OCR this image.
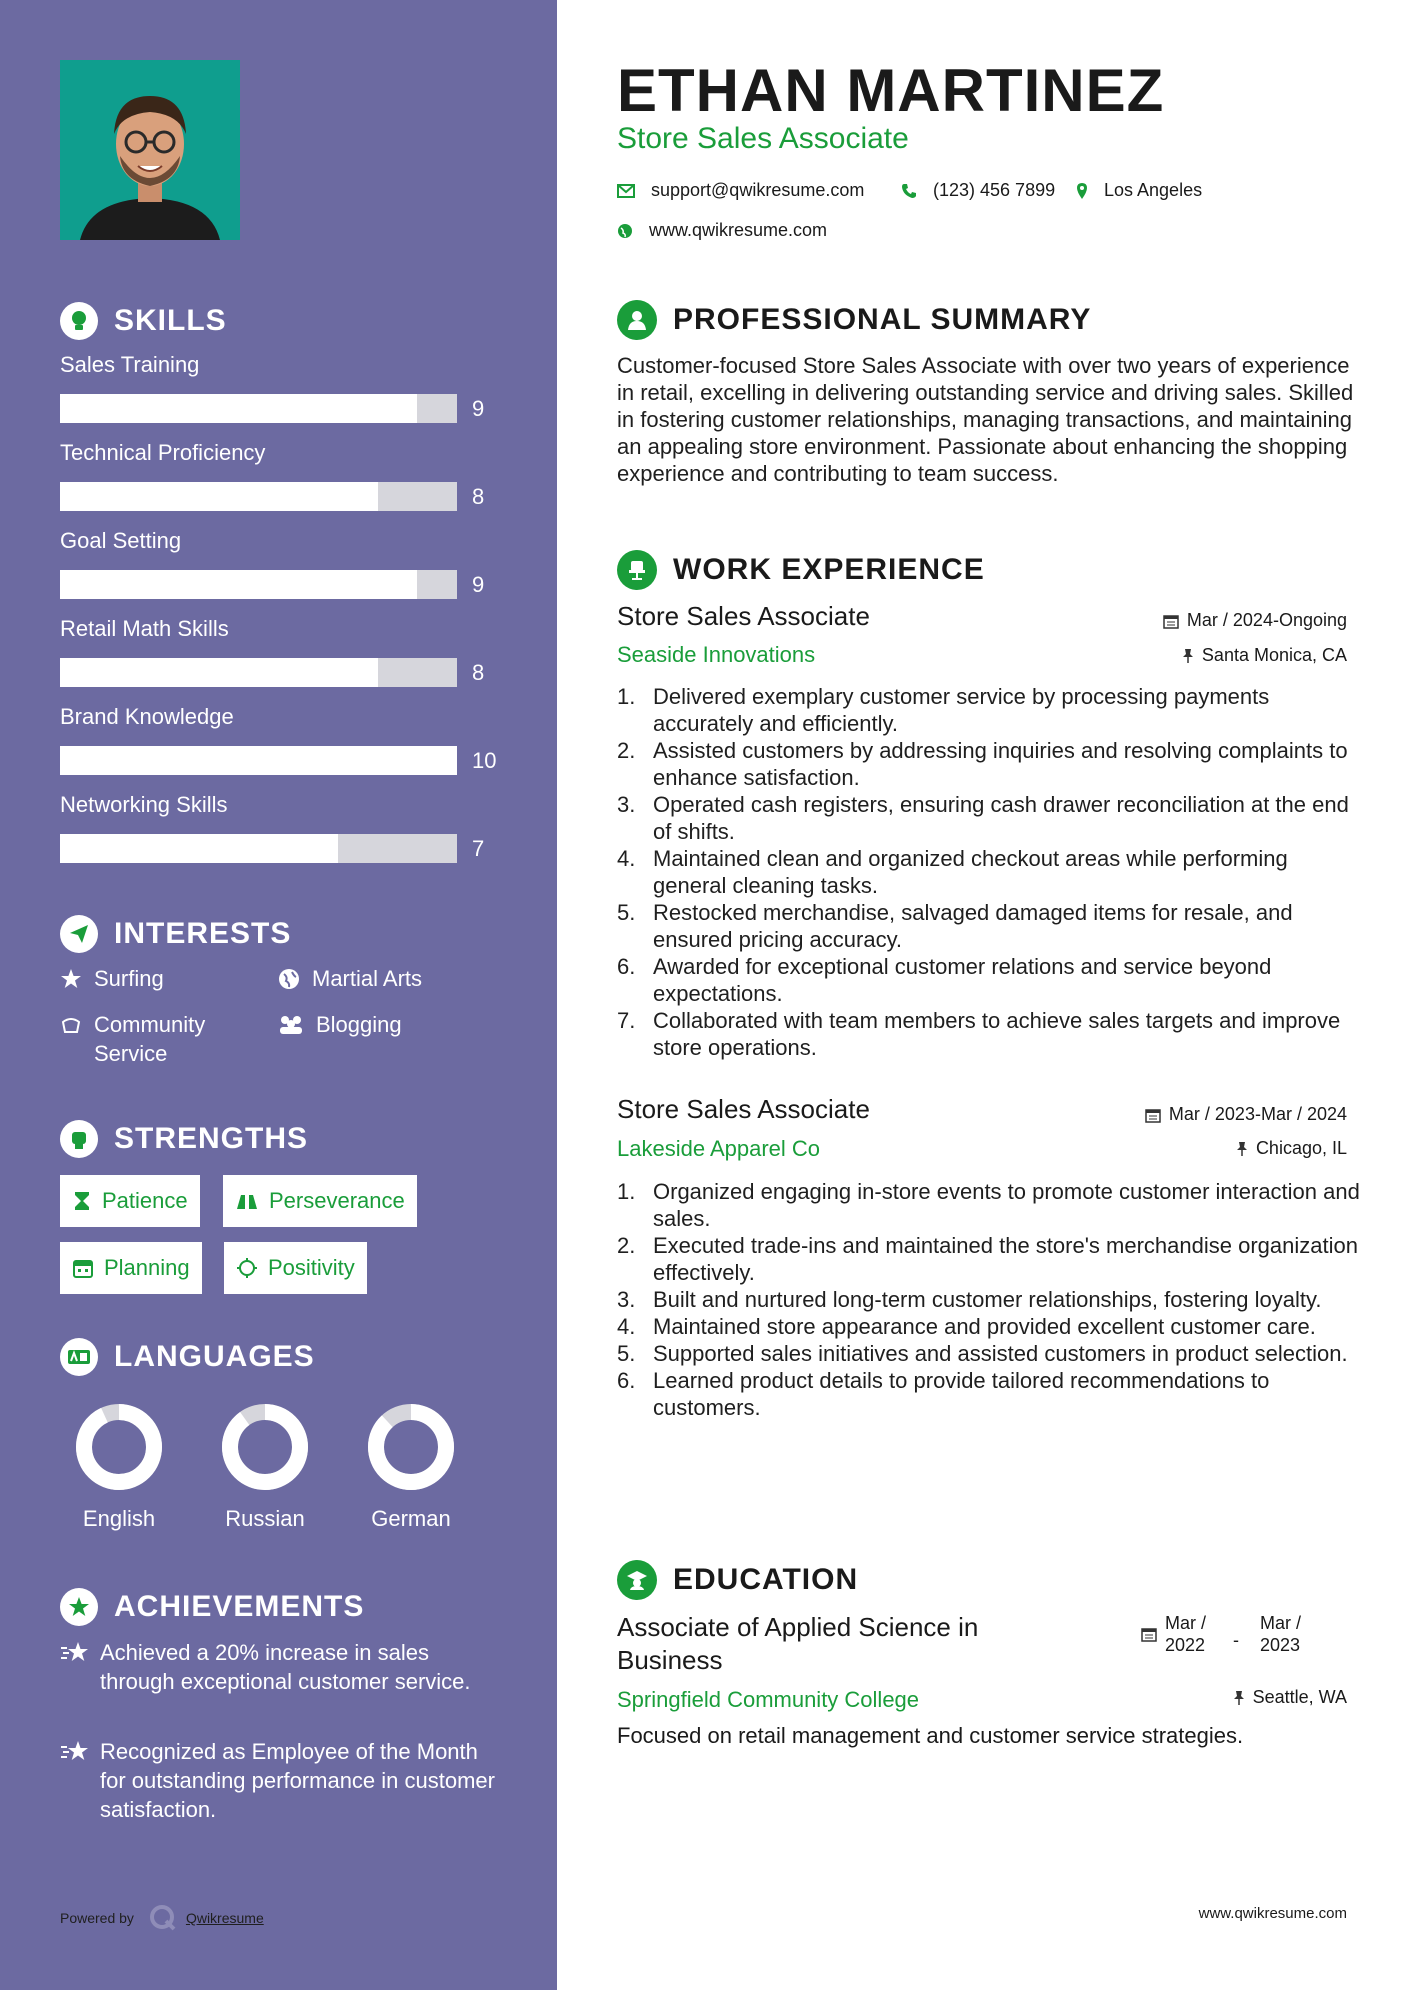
SKILLS
Sales Training
9
Technical Proficiency
8
Goal Setting
9
Retail Math Skills
8
Brand Knowledge
10
Networking Skills
7
INTERESTS
Surfing	Martial Arts
Community Service
Blogging
STRENGTHS
Patience	Perseverance
Planning	Positivity
LANGUAGES
English	Russian	German
ACHIEVEMENTS
Achieved a 20% increase in sales through exceptional customer service.
Recognized as Employee of the Month for outstanding performance in customer satisfaction.
Powered by	Qwikresume
ETHAN MARTINEZ
Store Sales Associate
support@qwikresume.com	(123) 456 7899	Los Angeles
www.qwikresume.com
PROFESSIONAL SUMMARY
Customer-focused Store Sales Associate with over two years of experience in retail, excelling in delivering outstanding service and driving sales. Skilled in fostering customer relationships, managing transactions, and maintaining an appealing store environment. Passionate about enhancing the shopping experience and contributing to team success.
WORK EXPERIENCE
Store Sales Associate	Mar / 2024-Ongoing
Seaside Innovations	Santa Monica, CA
Delivered exemplary customer service by processing payments accurately and efficiently.
Assisted customers by addressing inquiries and resolving complaints to enhance satisfaction.
Operated cash registers, ensuring cash drawer reconciliation at the end of shifts.
Maintained clean and organized checkout areas while performing general cleaning tasks.
Restocked merchandise, salvaged damaged items for resale, and ensured pricing accuracy.
Awarded for exceptional customer relations and service beyond expectations.
Collaborated with team members to achieve sales targets and improve store operations.
Store Sales Associate	Mar / 2023-Mar / 2024
Lakeside Apparel Co	Chicago, IL
Organized engaging in-store events to promote customer interaction and sales.
Executed trade-ins and maintained the store's merchandise organization effectively.
Built and nurtured long-term customer relationships, fostering loyalty.
Maintained store appearance and provided excellent customer care.
Supported sales initiatives and assisted customers in product selection.
Learned product details to provide tailored recommendations to customers.
EDUCATION
Associate of Applied Science in Business
Mar /
2022 -
Mar /
2023
Springfield Community College	Seattle, WA
Focused on retail management and customer service strategies.
www.qwikresume.com
